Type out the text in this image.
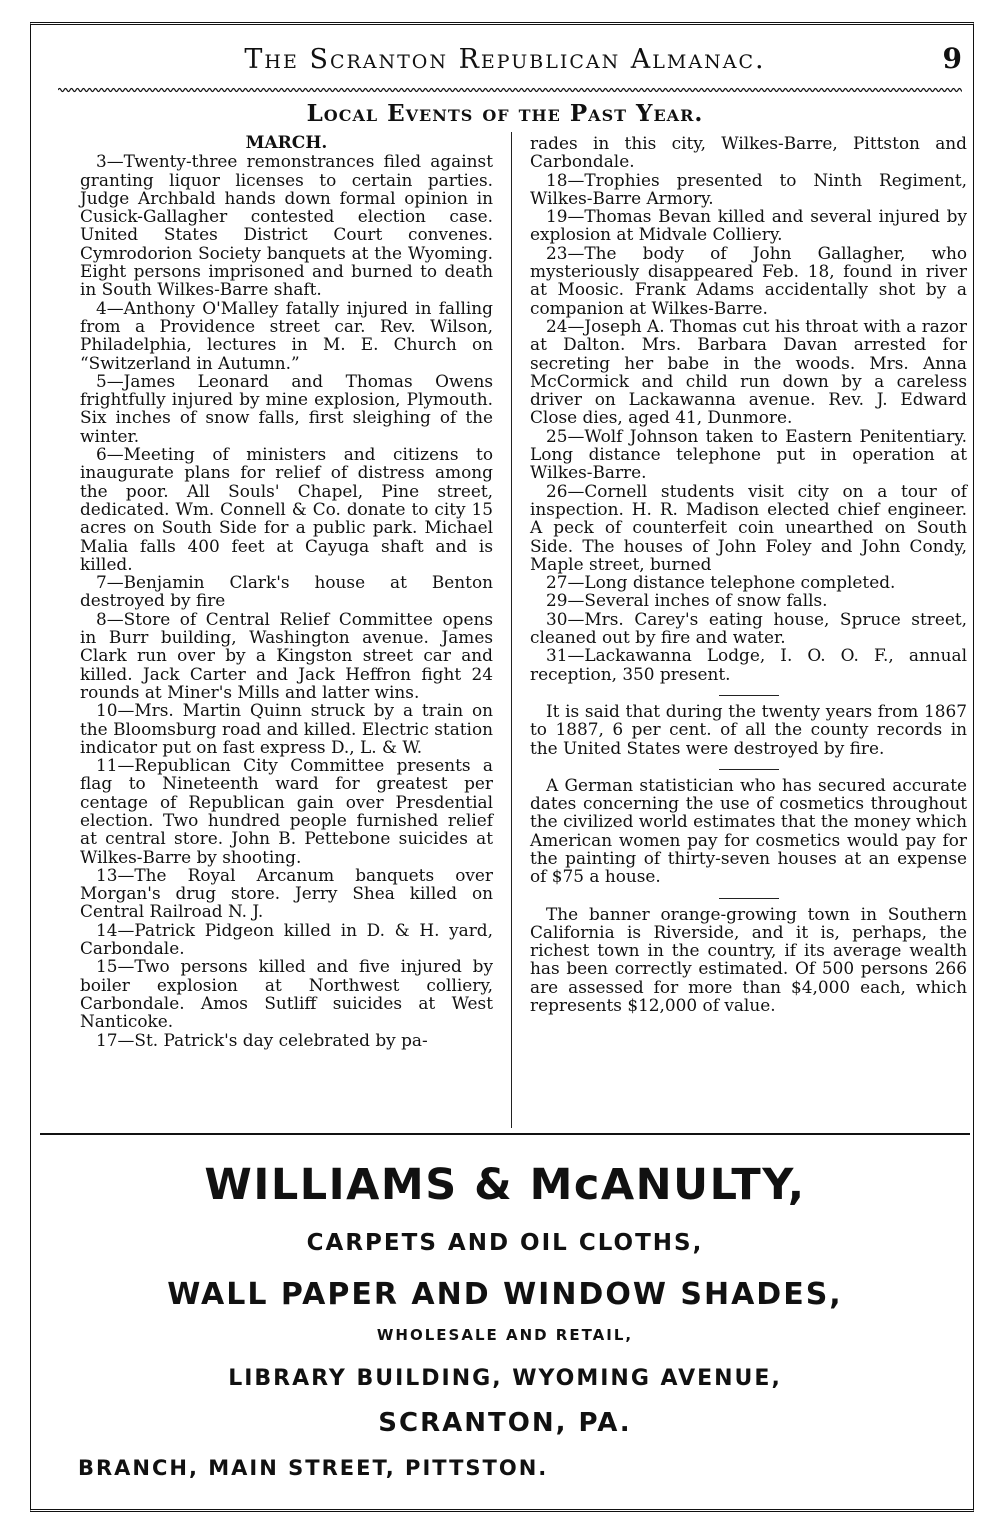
The Scranton Republican Almanac.	9
Local Events of the Past Year.

MARCH.

3—Twenty-three remonstrances filed against granting liquor licenses to certain parties. Judge Archbald hands down formal opinion in Cusick-Gallagher contested election case. United States District Court convenes. Cymrodorion Society banquets at the Wyoming. Eight persons imprisoned and burned to death in South Wilkes-Barre shaft.

4—Anthony O'Malley fatally injured in falling from a Providence street car. Rev. Wilson, Philadelphia, lectures in M. E. Church on “Switzerland in Autumn.”

5—James Leonard and Thomas Owens frightfully injured by mine explosion, Plymouth. Six inches of snow falls, first sleighing of the winter.

6—Meeting of ministers and citizens to inaugurate plans for relief of distress among the poor. All Souls' Chapel, Pine street, dedicated. Wm. Connell & Co. donate to city 15 acres on South Side for a public park. Michael Malia falls 400 feet at Cayuga shaft and is killed.

7—Benjamin Clark's house at Benton destroyed by fire

8—Store of Central Relief Committee opens in Burr building, Washington avenue. James Clark run over by a Kingston street car and killed. Jack Carter and Jack Heffron fight 24 rounds at Miner's Mills and latter wins.

10—Mrs. Martin Quinn struck by a train on the Bloomsburg road and killed. Electric station indicator put on fast express D., L. & W.

11—Republican City Committee presents a flag to Nineteenth ward for greatest per centage of Republican gain over Presdential election. Two hundred people furnished relief at central store. John B. Pettebone suicides at Wilkes-Barre by shooting.

13—The Royal Arcanum banquets over Morgan's drug store. Jerry Shea killed on Central Railroad N. J.

14—Patrick Pidgeon killed in D. & H. yard, Carbondale.

15—Two persons killed and five injured by boiler explosion at Northwest colliery, Carbondale. Amos Sutliff suicides at West Nanticoke.

17—St. Patrick's day celebrated by pa-

rades in this city, Wilkes-Barre, Pittston and Carbondale.

18—Trophies presented to Ninth Regiment, Wilkes-Barre Armory.

19—Thomas Bevan killed and several injured by explosion at Midvale Colliery.

23—The body of John Gallagher, who mysteriously disappeared Feb. 18, found in river at Moosic. Frank Adams accidentally shot by a companion at Wilkes-Barre.

24—Joseph A. Thomas cut his throat with a razor at Dalton. Mrs. Barbara Davan arrested for secreting her babe in the woods. Mrs. Anna McCormick and child run down by a careless driver on Lackawanna avenue. Rev. J. Edward Close dies, aged 41, Dunmore.

25—Wolf Johnson taken to Eastern Penitentiary. Long distance telephone put in operation at Wilkes-Barre.

26—Cornell students visit city on a tour of inspection. H. R. Madison elected chief engineer. A peck of counterfeit coin unearthed on South Side. The houses of John Foley and John Condy, Maple street, burned

27—Long distance telephone completed.

29—Several inches of snow falls.

30—Mrs. Carey's eating house, Spruce street, cleaned out by fire and water.

31—Lackawanna Lodge, I. O. O. F., annual reception, 350 present.

It is said that during the twenty years from 1867 to 1887, 6 per cent. of all the county records in the United States were destroyed by fire.

A German statistician who has secured accurate dates concerning the use of cosmetics throughout the civilized world estimates that the money which American women pay for cosmetics would pay for the painting of thirty-seven houses at an expense of $75 a house.

The banner orange-growing town in Southern California is Riverside, and it is, perhaps, the richest town in the country, if its average wealth has been correctly estimated. Of 500 persons 266 are assessed for more than $4,000 each, which represents $12,000 of value.

WILLIAMS & McANULTY,
CARPETS AND OIL CLOTHS,
WALL PAPER AND WINDOW SHADES,
WHOLESALE AND RETAIL,
LIBRARY BUILDING, WYOMING AVENUE,
SCRANTON, PA.
BRANCH, MAIN STREET, PITTSTON.
